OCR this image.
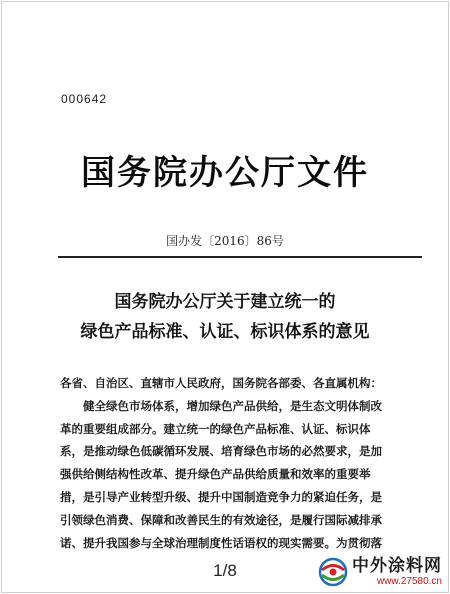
000642
国务院办公厅文件
国办发〔2016〕86号
国务院办公厅关于建立统一的
绿色产品标准、认证、标识体系的意见

各省、自治区、直辖市人民政府，国务院各部委、各直属机构：

　　健全绿色市场体系，增加绿色产品供给，是生态文明体制改

革的重要组成部分。建立统一的绿色产品标准、认证、标识体

系，是推动绿色低碳循环发展、培育绿色市场的必然要求，是加

强供给侧结构性改革、提升绿色产品供给质量和效率的重要举

措，是引导产业转型升级、提升中国制造竞争力的紧迫任务，是

引领绿色消费、保障和改善民生的有效途径，是履行国际减排承

诺、提升我国参与全球治理制度性话语权的现实需要。为贯彻落

1/8	中外涂料网
www.27580.cn
